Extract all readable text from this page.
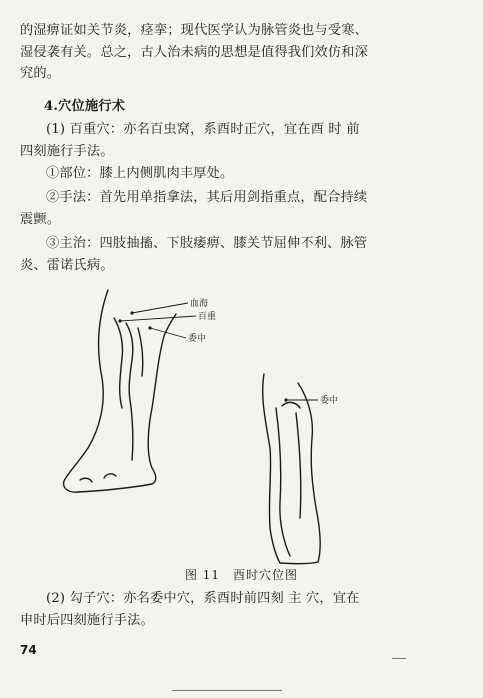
的湿痹证如关节炎，痉挛；现代医学认为脉管炎也与受寒、
湿侵袭有关。总之，古人治未病的思想是值得我们效仿和深
究的。
4.穴位施行术
(1) 百重穴：亦名百虫窝，系酉时正穴，宜在酉 时 前
四刻施行手法。
①部位：膝上内侧肌肉丰厚处。
②手法：首先用单指拿法，其后用剑指重点，配合持续
震颤。
③主治：四肢抽搐、下肢痿痹、膝关节屈伸不利、脉管
炎、雷诺氏病。
血海
百重
委中
委中
图 11　酉时穴位图
(2) 勾子穴：亦名委中穴，系酉时前四刻 主 穴，宜在
申时后四刻施行手法。
74
